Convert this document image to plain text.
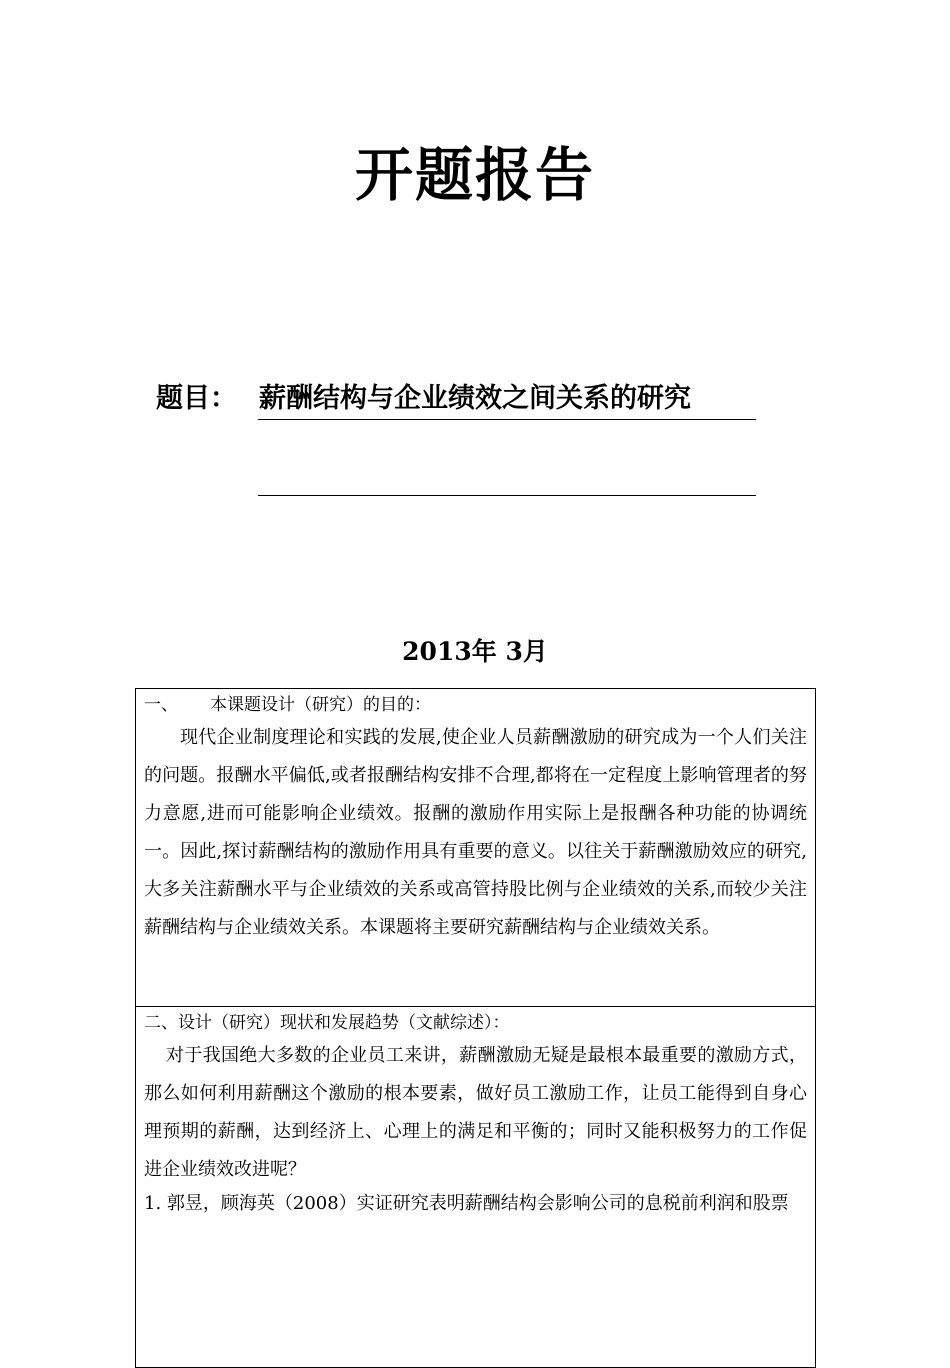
开题报告
题目： 薪酬结构与企业绩效之间关系的研究
2013年 3月

一、 本课题设计（研究）的目的：

现代企业制度理论和实践的发展,使企业人员薪酬激励的研究成为一个人们关注的问题。报酬水平偏低,或者报酬结构安排不合理,都将在一定程度上影响管理者的努力意愿,进而可能影响企业绩效。报酬的激励作用实际上是报酬各种功能的协调统一。因此,探讨薪酬结构的激励作用具有重要的意义。以往关于薪酬激励效应的研究,大多关注薪酬水平与企业绩效的关系或高管持股比例与企业绩效的关系,而较少关注薪酬结构与企业绩效关系。本课题将主要研究薪酬结构与企业绩效关系。

二、设计（研究）现状和发展趋势（文献综述）：

对于我国绝大多数的企业员工来讲，薪酬激励无疑是最根本最重要的激励方式，那么如何利用薪酬这个激励的根本要素，做好员工激励工作，让员工能得到自身心理预期的薪酬，达到经济上、心理上的满足和平衡的；同时又能积极努力的工作促进企业绩效改进呢？

1. 郭昱，顾海英（2008）实证研究表明薪酬结构会影响公司的息税前利润和股票
